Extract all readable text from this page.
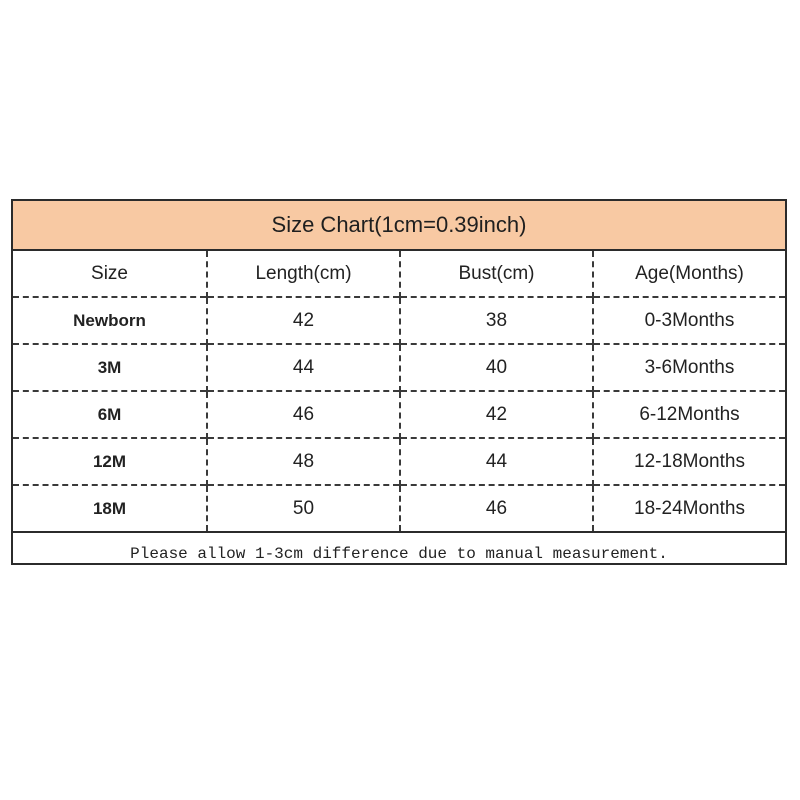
Size Chart(1cm=0.39inch)
Size	Length(cm)	Bust(cm)	Age(Months)
Newborn	42	38	0-3Months
3M	44	40	3-6Months
6M	46	42	6-12Months
12M	48	44	12-18Months
18M	50	46	18-24Months
Please allow 1-3cm difference due to manual measurement.
